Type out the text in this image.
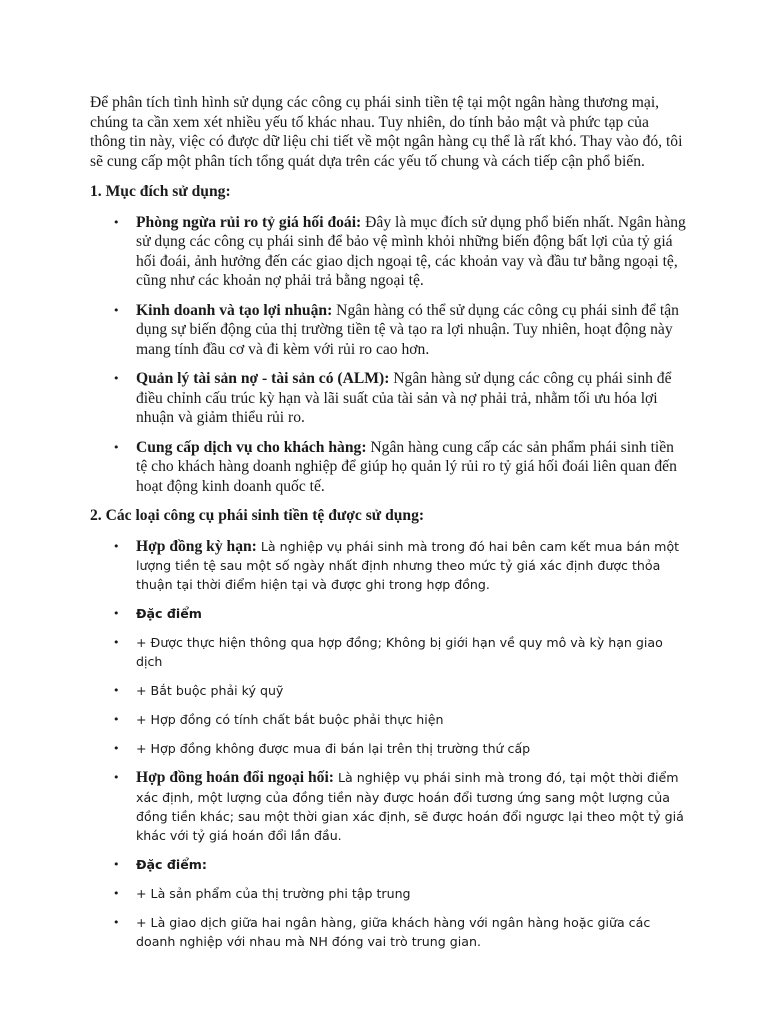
Để phân tích tình hình sử dụng các công cụ phái sinh tiền tệ tại một ngân hàng thương mại, chúng ta cần xem xét nhiều yếu tố khác nhau. Tuy nhiên, do tính bảo mật và phức tạp của thông tin này, việc có được dữ liệu chi tiết về một ngân hàng cụ thể là rất khó. Thay vào đó, tôi sẽ cung cấp một phân tích tổng quát dựa trên các yếu tố chung và cách tiếp cận phổ biến.

1. Mục đích sử dụng:
• Phòng ngừa rủi ro tỷ giá hối đoái: Đây là mục đích sử dụng phổ biến nhất. Ngân hàng sử dụng các công cụ phái sinh để bảo vệ mình khỏi những biến động bất lợi của tỷ giá hối đoái, ảnh hưởng đến các giao dịch ngoại tệ, các khoản vay và đầu tư bằng ngoại tệ, cũng như các khoản nợ phải trả bằng ngoại tệ.
• Kinh doanh và tạo lợi nhuận: Ngân hàng có thể sử dụng các công cụ phái sinh để tận dụng sự biến động của thị trường tiền tệ và tạo ra lợi nhuận. Tuy nhiên, hoạt động này mang tính đầu cơ và đi kèm với rủi ro cao hơn.
• Quản lý tài sản nợ - tài sản có (ALM): Ngân hàng sử dụng các công cụ phái sinh để điều chỉnh cấu trúc kỳ hạn và lãi suất của tài sản và nợ phải trả, nhằm tối ưu hóa lợi nhuận và giảm thiểu rủi ro.
• Cung cấp dịch vụ cho khách hàng: Ngân hàng cung cấp các sản phẩm phái sinh tiền tệ cho khách hàng doanh nghiệp để giúp họ quản lý rủi ro tỷ giá hối đoái liên quan đến hoạt động kinh doanh quốc tế.
2. Các loại công cụ phái sinh tiền tệ được sử dụng:
• Hợp đồng kỳ hạn: Là nghiệp vụ phái sinh mà trong đó hai bên cam kết mua bán một lượng tiền tệ sau một số ngày nhất định nhưng theo mức tỷ giá xác định được thỏa thuận tại thời điểm hiện tại và được ghi trong hợp đồng.
• Đặc điểm
• + Được thực hiện thông qua hợp đồng; Không bị giới hạn về quy mô và kỳ hạn giao dịch
• + Bắt buộc phải ký quỹ
• + Hợp đồng có tính chất bắt buộc phải thực hiện
• + Hợp đồng không được mua đi bán lại trên thị trường thứ cấp
• Hợp đồng hoán đổi ngoại hối: Là nghiệp vụ phái sinh mà trong đó, tại một thời điểm xác định, một lượng của đồng tiền này được hoán đổi tương ứng sang một lượng của đồng tiền khác; sau một thời gian xác định, sẽ được hoán đổi ngược lại theo một tỷ giá khác với tỷ giá hoán đổi lần đầu.
• Đặc điểm:
• + Là sản phẩm của thị trường phi tập trung
• + Là giao dịch giữa hai ngân hàng, giữa khách hàng với ngân hàng hoặc giữa các doanh nghiệp với nhau mà NH đóng vai trò trung gian.
